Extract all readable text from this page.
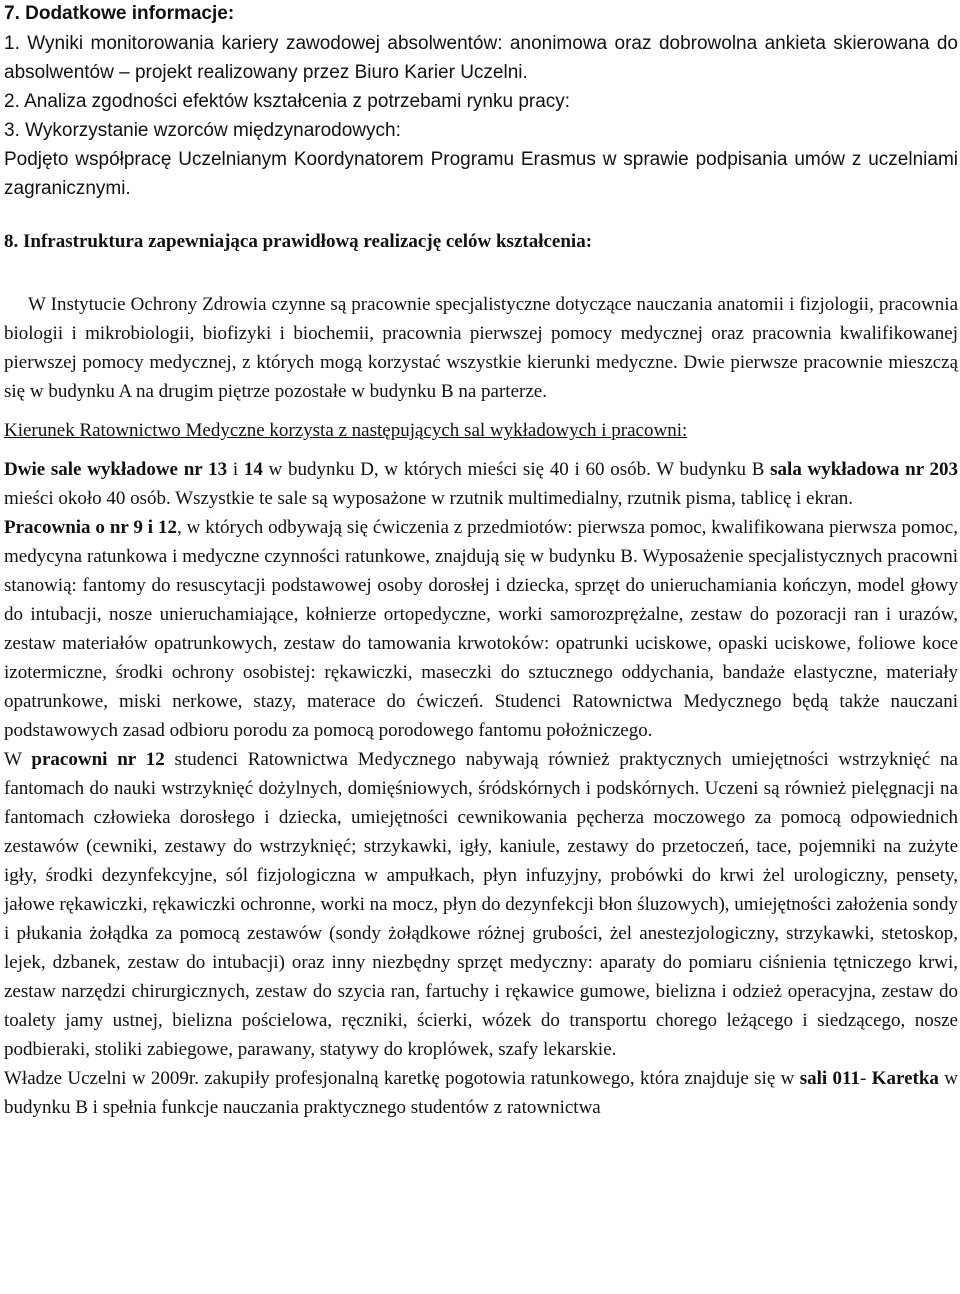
7. Dodatkowe informacje:

1. Wyniki monitorowania kariery zawodowej absolwentów: anonimowa oraz dobrowolna ankieta skierowana do absolwentów – projekt realizowany przez Biuro Karier Uczelni.

2. Analiza zgodności efektów kształcenia z potrzebami rynku pracy:

3. Wykorzystanie wzorców międzynarodowych:

Podjęto współpracę Uczelnianym Koordynatorem Programu Erasmus w sprawie podpisania umów z uczelniami zagranicznymi.

8. Infrastruktura zapewniająca prawidłową realizację celów kształcenia:

W Instytucie Ochrony Zdrowia czynne są pracownie specjalistyczne dotyczące nauczania anatomii i fizjologii, pracownia biologii i mikrobiologii, biofizyki i biochemii, pracownia pierwszej pomocy medycznej oraz pracownia kwalifikowanej pierwszej pomocy medycznej, z których mogą korzystać wszystkie kierunki medyczne. Dwie pierwsze pracownie mieszczą się w budynku A na drugim piętrze pozostałe w budynku B na parterze.

Kierunek Ratownictwo Medyczne korzysta z następujących sal wykładowych i pracowni:

Dwie sale wykładowe nr 13 i 14 w budynku D, w których mieści się 40 i 60 osób. W budynku B sala wykładowa nr 203 mieści około 40 osób. Wszystkie te sale są wyposażone w rzutnik multimedialny, rzutnik pisma, tablicę i ekran.

Pracownia o nr 9 i 12, w których odbywają się ćwiczenia z przedmiotów: pierwsza pomoc, kwalifikowana pierwsza pomoc, medycyna ratunkowa i medyczne czynności ratunkowe, znajdują się w budynku B. Wyposażenie specjalistycznych pracowni stanowią: fantomy do resuscytacji podstawowej osoby dorosłej i dziecka, sprzęt do unieruchamiania kończyn, model głowy do intubacji, nosze unieruchamiające, kołnierze ortopedyczne, worki samorozprężalne, zestaw do pozoracji ran i urazów, zestaw materiałów opatrunkowych, zestaw do tamowania krwotoków: opatrunki uciskowe, opaski uciskowe, foliowe koce izotermiczne, środki ochrony osobistej: rękawiczki, maseczki do sztucznego oddychania, bandaże elastyczne, materiały opatrunkowe, miski nerkowe, stazy, materace do ćwiczeń. Studenci Ratownictwa Medycznego będą także nauczani podstawowych zasad odbioru porodu za pomocą porodowego fantomu położniczego.

W pracowni nr 12 studenci Ratownictwa Medycznego nabywają również praktycznych umiejętności wstrzyknięć na fantomach do nauki wstrzyknięć dożylnych, domięśniowych, śródskórnych i podskórnych. Uczeni są również pielęgnacji na fantomach człowieka dorosłego i dziecka, umiejętności cewnikowania pęcherza moczowego za pomocą odpowiednich zestawów (cewniki, zestawy do wstrzyknięć; strzykawki, igły, kaniule, zestawy do przetoczeń, tace, pojemniki na zużyte igły, środki dezynfekcyjne, sól fizjologiczna w ampułkach, płyn infuzyjny, probówki do krwi żel urologiczny, pensety, jałowe rękawiczki, rękawiczki ochronne, worki na mocz, płyn do dezynfekcji błon śluzowych), umiejętności założenia sondy i płukania żołądka za pomocą zestawów (sondy żołądkowe różnej grubości, żel anestezjologiczny, strzykawki, stetoskop, lejek, dzbanek, zestaw do intubacji) oraz inny niezbędny sprzęt medyczny: aparaty do pomiaru ciśnienia tętniczego krwi, zestaw narzędzi chirurgicznych, zestaw do szycia ran, fartuchy i rękawice gumowe, bielizna i odzież operacyjna, zestaw do toalety jamy ustnej, bielizna pościelowa, ręczniki, ścierki, wózek do transportu chorego leżącego i siedzącego, nosze podbieraki, stoliki zabiegowe, parawany, statywy do kroplówek, szafy lekarskie.

Władze Uczelni w 2009r. zakupiły profesjonalną karetkę pogotowia ratunkowego, która znajduje się w sali 011- Karetka w budynku B i spełnia funkcje nauczania praktycznego studentów z ratownictwa
